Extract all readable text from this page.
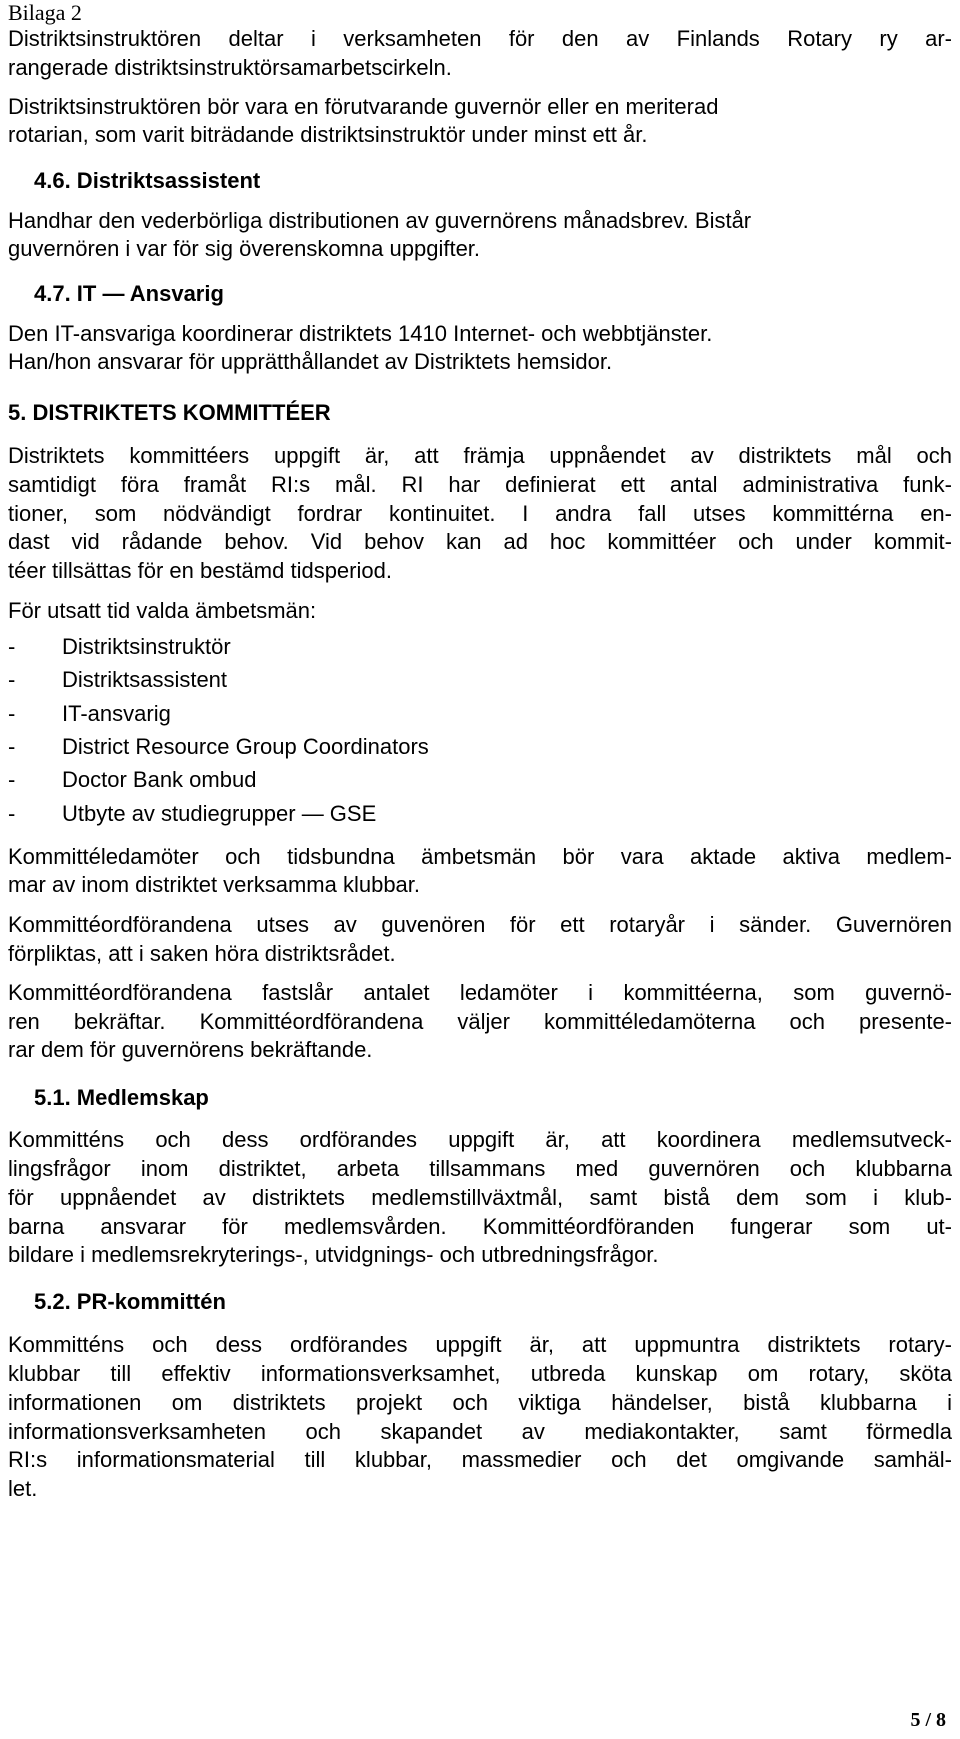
Bilaga 2
Distriktsinstruktören deltar i verksamheten för den av Finlands Rotary ry ar-
rangerade distriktsinstruktörsamarbetscirkeln.
Distriktsinstruktören bör vara en förutvarande guvernör eller en meriterad
rotarian, som varit biträdande distriktsinstruktör under minst ett år.
4.6. Distriktsassistent
Handhar den vederbörliga distributionen av guvernörens månadsbrev. Bistår
guvernören i var för sig överenskomna uppgifter.
4.7. IT — Ansvarig
Den IT-ansvariga koordinerar distriktets 1410 Internet- och webbtjänster.
Han/hon ansvarar för upprätthållandet av Distriktets hemsidor.
5. DISTRIKTETS KOMMITTÉER
Distriktets kommittéers uppgift är, att främja uppnåendet av distriktets mål och
samtidigt föra framåt RI:s mål. RI har definierat ett antal administrativa funk-
tioner, som nödvändigt fordrar kontinuitet. I andra fall utses kommittérna en-
dast vid rådande behov. Vid behov kan ad hoc kommittéer och under kommit-
téer tillsättas för en bestämd tidsperiod.
För utsatt tid valda ämbetsmän:
- Distriktsinstruktör
- Distriktsassistent
- IT-ansvarig
- District Resource Group Coordinators
- Doctor Bank ombud
- Utbyte av studiegrupper — GSE
Kommittéledamöter och tidsbundna ämbetsmän bör vara aktade aktiva medlem-
mar av inom distriktet verksamma klubbar.
Kommittéordförandena utses av guvenören för ett rotaryår i sänder. Guvernören
förpliktas, att i saken höra distriktsrådet.
Kommittéordförandena fastslår antalet ledamöter i kommittéerna, som guvernö-
ren bekräftar. Kommittéordförandena väljer kommittéledamöterna och presente-
rar dem för guvernörens bekräftande.
5.1. Medlemskap
Kommitténs och dess ordförandes uppgift är, att koordinera medlemsutveck-
lingsfrågor inom distriktet, arbeta tillsammans med guvernören och klubbarna
för uppnåendet av distriktets medlemstillväxtmål, samt bistå dem som i klub-
barna ansvarar för medlemsvården. Kommittéordföranden fungerar som ut-
bildare i medlemsrekryterings-, utvidgnings- och utbredningsfrågor.
5.2. PR-kommittén
Kommitténs och dess ordförandes uppgift är, att uppmuntra distriktets rotary-
klubbar till effektiv informationsverksamhet, utbreda kunskap om rotary, sköta
informationen om distriktets projekt och viktiga händelser, bistå klubbarna i
informationsverksamheten och skapandet av mediakontakter, samt förmedla
RI:s informationsmaterial till klubbar, massmedier och det omgivande samhäl-
let.
5 / 8
